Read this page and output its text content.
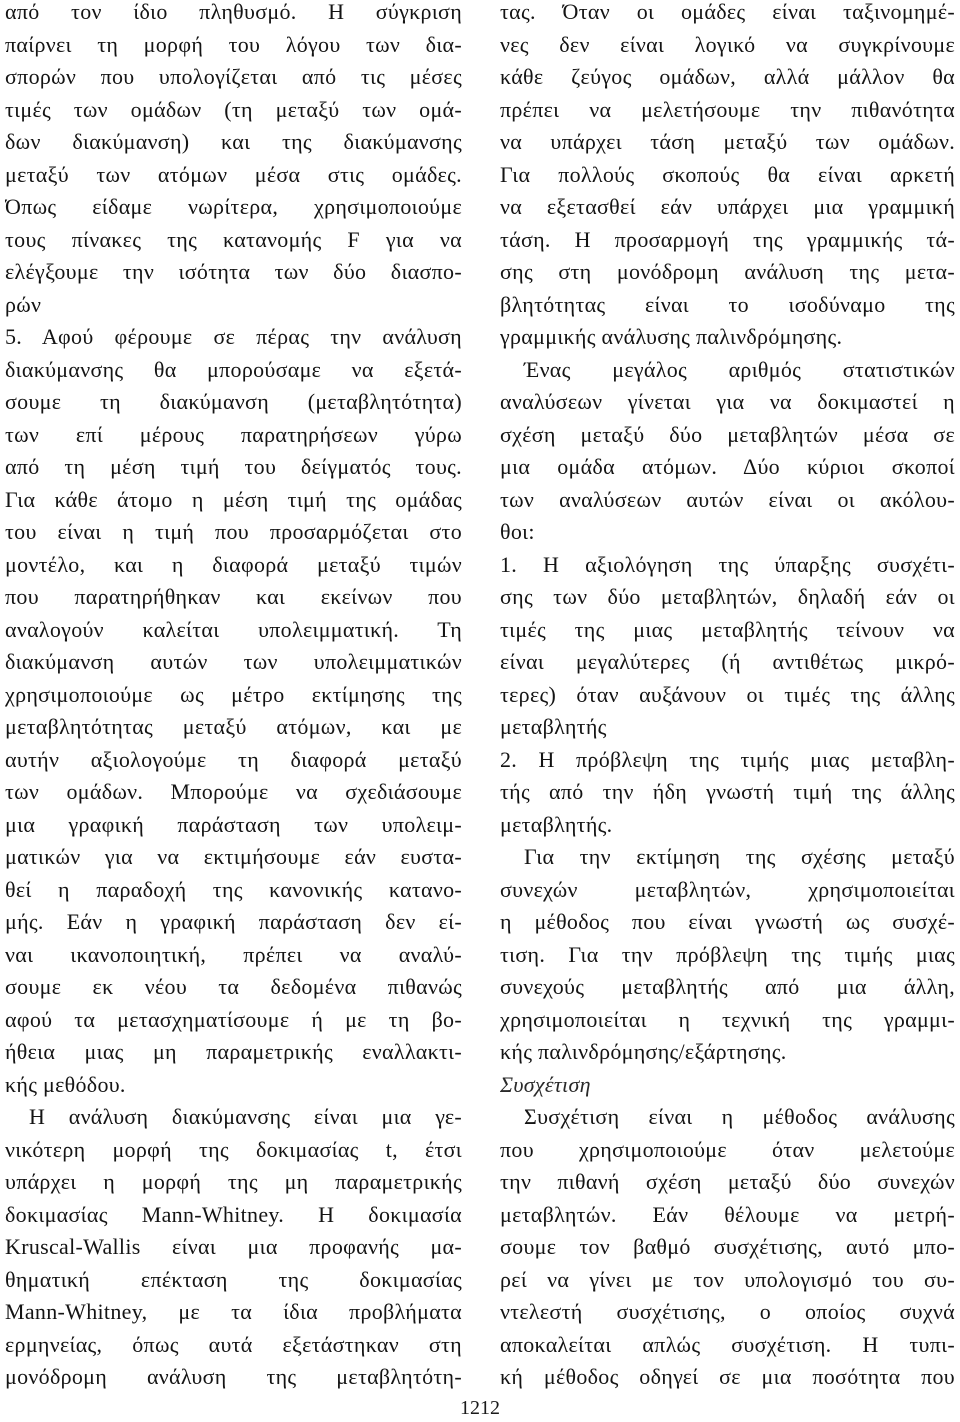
από τον ίδιο πληθυσμό. Η σύγκριση
παίρνει τη μορφή του λόγου των δια-
σπορών που υπολογίζεται από τις μέσες
τιμές των ομάδων (τη μεταξύ των ομά-
δων διακύμανση) και της διακύμανσης
μεταξύ των ατόμων μέσα στις ομάδες.
Όπως είδαμε νωρίτερα, χρησιμοποιούμε
τους πίνακες της κατανομής F για να
ελέγξουμε την ισότητα των δύο διασπο-
ρών
5. Αφού φέρουμε σε πέρας την ανάλυση
διακύμανσης θα μπορούσαμε να εξετά-
σουμε τη διακύμανση (μεταβλητότητα)
των επί μέρους παρατηρήσεων γύρω
από τη μέση τιμή του δείγματός τους.
Για κάθε άτομο η μέση τιμή της ομάδας
του είναι η τιμή που προσαρμόζεται στο
μοντέλο, και η διαφορά μεταξύ τιμών
που παρατηρήθηκαν και εκείνων που
αναλογούν καλείται υπολειμματική. Τη
διακύμανση αυτών των υπολειμματικών
χρησιμοποιούμε ως μέτρο εκτίμησης της
μεταβλητότητας μεταξύ ατόμων, και με
αυτήν αξιολογούμε τη διαφορά μεταξύ
των ομάδων. Μπορούμε να σχεδιάσουμε
μια γραφική παράσταση των υπολειμ-
ματικών για να εκτιμήσουμε εάν ευστα-
θεί η παραδοχή της κανονικής κατανο-
μής. Εάν η γραφική παράσταση δεν εί-
ναι ικανοποιητική, πρέπει να αναλύ-
σουμε εκ νέου τα δεδομένα πιθανώς
αφού τα μετασχηματίσουμε ή με τη βο-
ήθεια μιας μη παραμετρικής εναλλακτι-
κής μεθόδου.
Η ανάλυση διακύμανσης είναι μια γε-
νικότερη μορφή της δοκιμασίας t, έτσι
υπάρχει η μορφή της μη παραμετρικής
δοκιμασίας Mann-Whitney. Η δοκιμασία
Kruscal-Wallis είναι μια προφανής μα-
θηματική επέκταση της δοκιμασίας
Mann-Whitney, με τα ίδια προβλήματα
ερμηνείας, όπως αυτά εξετάστηκαν στη
μονόδρομη ανάλυση της μεταβλητότη-
τας. Όταν οι ομάδες είναι ταξινομημέ-
νες δεν είναι λογικό να συγκρίνουμε
κάθε ζεύγος ομάδων, αλλά μάλλον θα
πρέπει να μελετήσουμε την πιθανότητα
να υπάρχει τάση μεταξύ των ομάδων.
Για πολλούς σκοπούς θα είναι αρκετή
να εξετασθεί εάν υπάρχει μια γραμμική
τάση. Η προσαρμογή της γραμμικής τά-
σης στη μονόδρομη ανάλυση της μετα-
βλητότητας είναι το ισοδύναμο της
γραμμικής ανάλυσης παλινδρόμησης.
Ένας μεγάλος αριθμός στατιστικών
αναλύσεων γίνεται για να δοκιμαστεί η
σχέση μεταξύ δύο μεταβλητών μέσα σε
μια ομάδα ατόμων. Δύο κύριοι σκοποί
των αναλύσεων αυτών είναι οι ακόλου-
θοι:
1. Η αξιολόγηση της ύπαρξης συσχέτι-
σης των δύο μεταβλητών, δηλαδή εάν οι
τιμές της μιας μεταβλητής τείνουν να
είναι μεγαλύτερες (ή αντιθέτως μικρό-
τερες) όταν αυξάνουν οι τιμές της άλλης
μεταβλητής
2. Η πρόβλεψη της τιμής μιας μεταβλη-
τής από την ήδη γνωστή τιμή της άλλης
μεταβλητής.
Για την εκτίμηση της σχέσης μεταξύ
συνεχών μεταβλητών, χρησιμοποιείται
η μέθοδος που είναι γνωστή ως συσχέ-
τιση. Για την πρόβλεψη της τιμής μιας
συνεχούς μεταβλητής από μια άλλη,
χρησιμοποιείται η τεχνική της γραμμι-
κής παλινδρόμησης/εξάρτησης.
Συσχέτιση
Συσχέτιση είναι η μέθοδος ανάλυσης
που χρησιμοποιούμε όταν μελετούμε
την πιθανή σχέση μεταξύ δύο συνεχών
μεταβλητών. Εάν θέλουμε να μετρή-
σουμε τον βαθμό συσχέτισης, αυτό μπο-
ρεί να γίνει με τον υπολογισμό του συ-
ντελεστή συσχέτισης, ο οποίος συχνά
αποκαλείται απλώς συσχέτιση. Η τυπι-
κή μέθοδος οδηγεί σε μια ποσότητα που
1212
